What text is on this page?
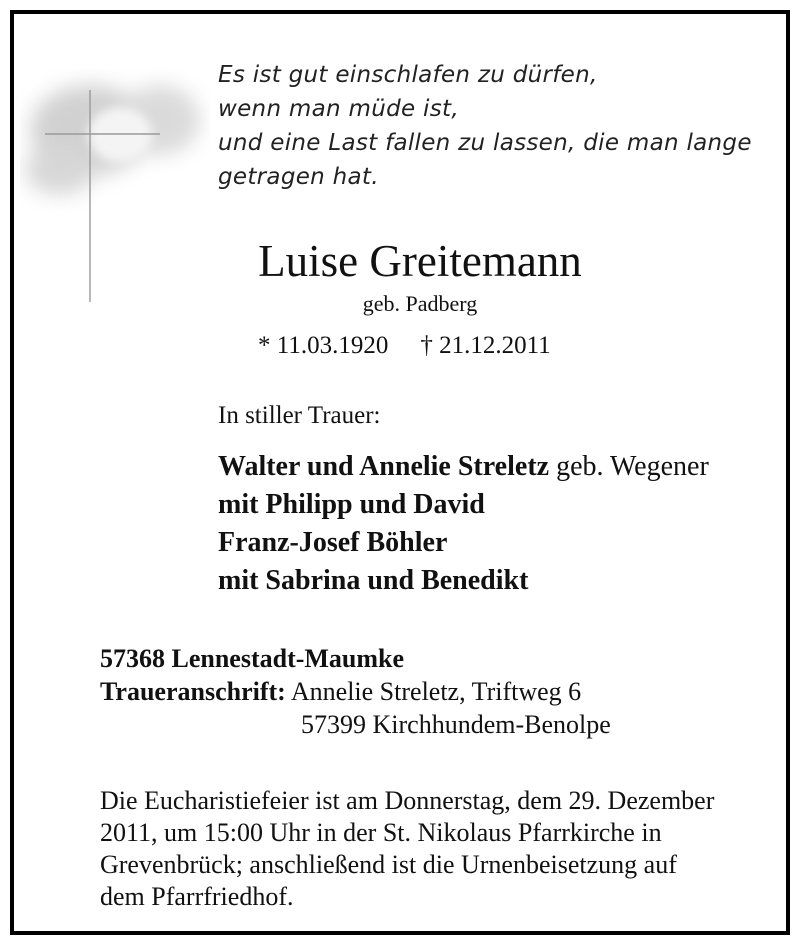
Es ist gut einschlafen zu dürfen,
wenn man müde ist,
und eine Last fallen zu lassen, die man lange
getragen hat.
Luise Greitemann
geb. Padberg
* 11.03.1920 † 21.12.2011
In stiller Trauer:
Walter und Annelie Streletz geb. Wegener
mit Philipp und David
Franz-Josef Böhler
mit Sabrina und Benedikt
57368 Lennestadt-Maumke
Traueranschrift: Annelie Streletz, Triftweg 6
57399 Kirchhundem-Benolpe
Die Eucharistiefeier ist am Donnerstag, dem 29. Dezember
2011, um 15:00 Uhr in der St. Nikolaus Pfarrkirche in
Grevenbrück; anschließend ist die Urnenbeisetzung auf
dem Pfarrfriedhof.
